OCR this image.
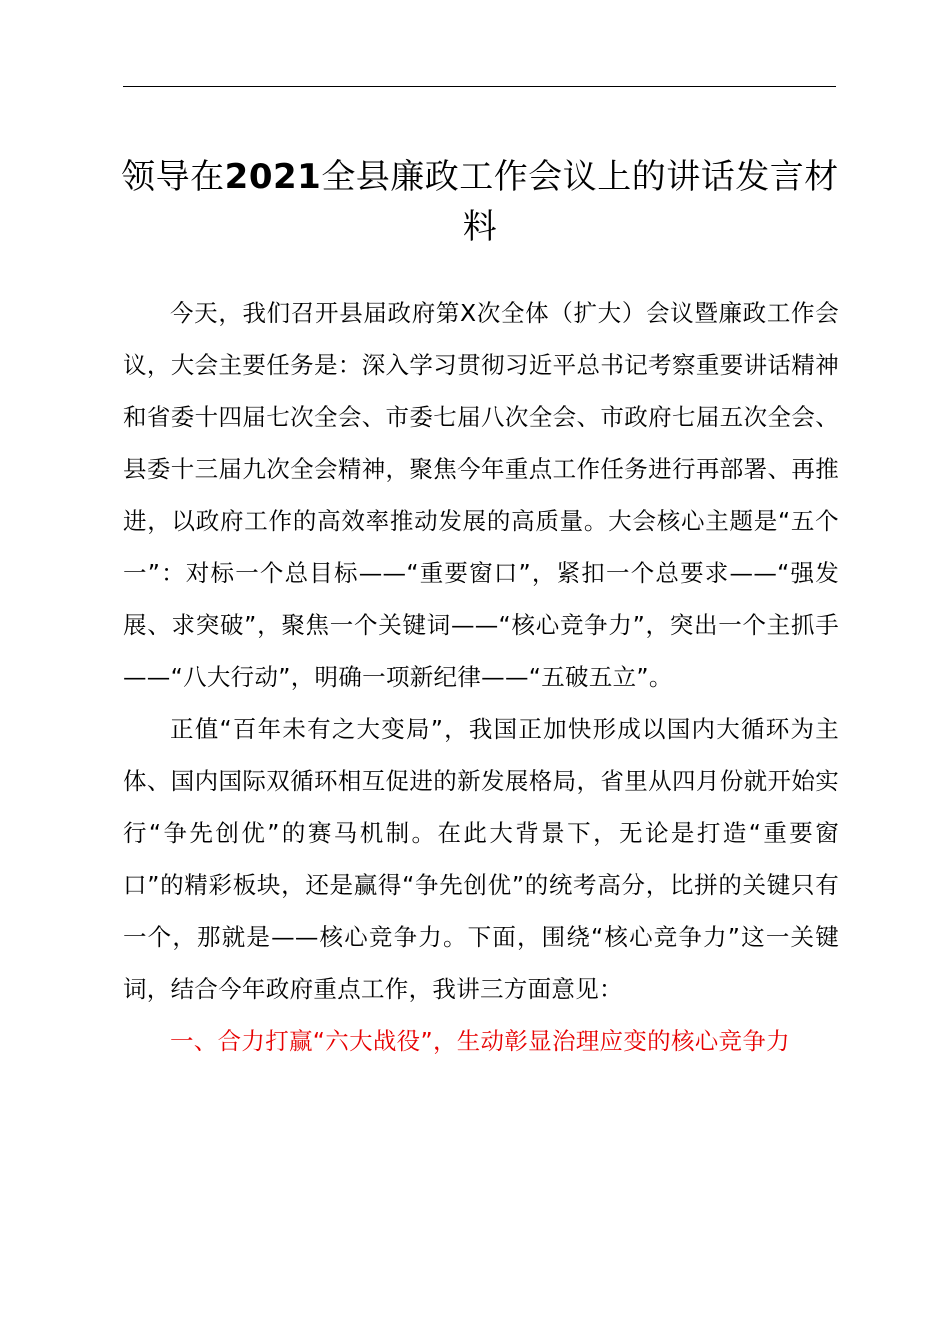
领导在2021全县廉政工作会议上的讲话发言材料

今天，我们召开县届政府第X次全体（扩大）会议暨廉政工作会议，大会主要任务是：深入学习贯彻习近平总书记考察重要讲话精神和省委十四届七次全会、市委七届八次全会、市政府七届五次全会、县委十三届九次全会精神，聚焦今年重点工作任务进行再部署、再推进，以政府工作的高效率推动发展的高质量。大会核心主题是“五个一”：对标一个总目标——“重要窗口”，紧扣一个总要求——“强发展、求突破”，聚焦一个关键词——“核心竞争力”，突出一个主抓手——“八大行动”，明确一项新纪律——“五破五立”。

正值“百年未有之大变局”，我国正加快形成以国内大循环为主体、国内国际双循环相互促进的新发展格局，省里从四月份就开始实行“争先创优”的赛马机制。在此大背景下，无论是打造“重要窗口”的精彩板块，还是赢得“争先创优”的统考高分，比拼的关键只有一个，那就是——核心竞争力。下面，围绕“核心竞争力”这一关键词，结合今年政府重点工作，我讲三方面意见：

一、合力打赢“六大战役”，生动彰显治理应变的核心竞争力
